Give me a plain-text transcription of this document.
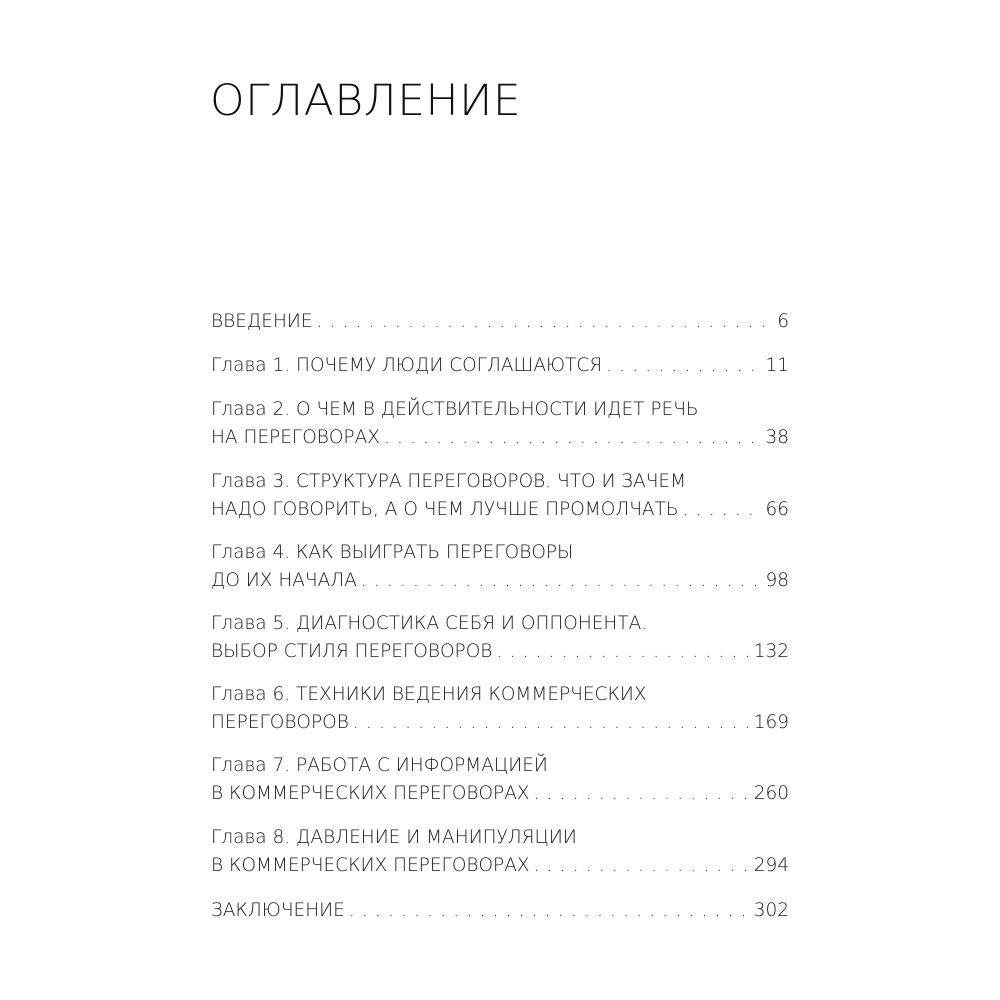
ОГЛАВЛЕНИЕ
ВВЕДЕНИЕ . . .	6
Глава 1. ПОЧЕМУ ЛЮДИ СОГЛАШАЮТСЯ . . .	11
Глава 2. О ЧЕМ В ДЕЙСТВИТЕЛЬНОСТИ ИДЕТ РЕЧЬ
НА ПЕРЕГОВОРАХ . . .	38
Глава 3. СТРУКТУРА ПЕРЕГОВОРОВ. ЧТО И ЗАЧЕМ
НАДО ГОВОРИТЬ, А О ЧЕМ ЛУЧШЕ ПРОМОЛЧАТЬ . . .	66
Глава 4. КАК ВЫИГРАТЬ ПЕРЕГОВОРЫ
ДО ИХ НАЧАЛА . . .	98
Глава 5. ДИАГНОСТИКА СЕБЯ И ОППОНЕНТА.
ВЫБОР СТИЛЯ ПЕРЕГОВОРОВ . . .	132
Глава 6. ТЕХНИКИ ВЕДЕНИЯ КОММЕРЧЕСКИХ
ПЕРЕГОВОРОВ . . .	169
Глава 7. РАБОТА С ИНФОРМАЦИЕЙ
В КОММЕРЧЕСКИХ ПЕРЕГОВОРАХ . . .	260
Глава 8. ДАВЛЕНИЕ И МАНИПУЛЯЦИИ
В КОММЕРЧЕСКИХ ПЕРЕГОВОРАХ . . .	294
ЗАКЛЮЧЕНИЕ . . .	302
